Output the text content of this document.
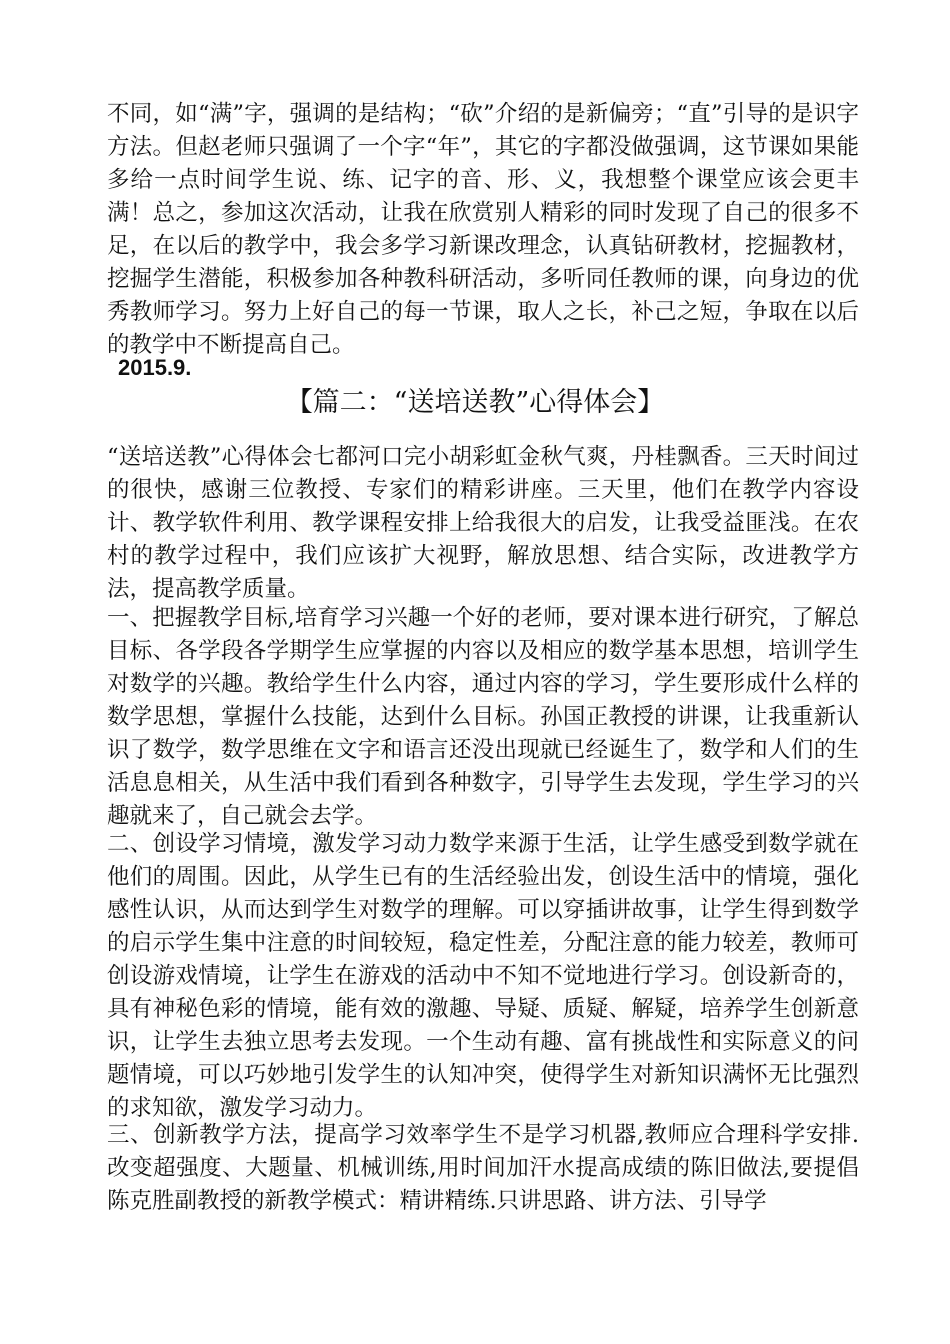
不同，如“满”字，强调的是结构；“砍”介绍的是新偏旁；“直”引导的是识字方法。但赵老师只强调了一个字“年”，其它的字都没做强调，这节课如果能多给一点时间学生说、练、记字的音、形、义，我想整个课堂应该会更丰满！总之，参加这次活动，让我在欣赏别人精彩的同时发现了自己的很多不足，在以后的教学中，我会多学习新课改理念，认真钻研教材，挖掘教材，挖掘学生潜能，积极参加各种教科研活动，多听同任教师的课，向身边的优秀教师学习。努力上好自己的每一节课，取人之长，补己之短，争取在以后的教学中不断提高自己。

2015.9.
【篇二：“送培送教”心得体会】

“送培送教”心得体会七都河口完小胡彩虹金秋气爽，丹桂飘香。三天时间过的很快，感谢三位教授、专家们的精彩讲座。三天里，他们在教学内容设计、教学软件利用、教学课程安排上给我很大的启发，让我受益匪浅。在农村的教学过程中，我们应该扩大视野，解放思想、结合实际，改进教学方法，提高教学质量。

一、把握教学目标,培育学习兴趣一个好的老师，要对课本进行研究，了解总目标、各学段各学期学生应掌握的内容以及相应的数学基本思想，培训学生对数学的兴趣。教给学生什么内容，通过内容的学习，学生要形成什么样的数学思想，掌握什么技能，达到什么目标。孙国正教授的讲课，让我重新认识了数学，数学思维在文字和语言还没出现就已经诞生了，数学和人们的生活息息相关，从生活中我们看到各种数字，引导学生去发现，学生学习的兴趣就来了，自己就会去学。

二、创设学习情境，激发学习动力数学来源于生活，让学生感受到数学就在他们的周围。因此，从学生已有的生活经验出发，创设生活中的情境，强化感性认识，从而达到学生对数学的理解。可以穿插讲故事，让学生得到数学的启示学生集中注意的时间较短，稳定性差，分配注意的能力较差，教师可创设游戏情境，让学生在游戏的活动中不知不觉地进行学习。创设新奇的，具有神秘色彩的情境，能有效的激趣、导疑、质疑、解疑，培养学生创新意识，让学生去独立思考去发现。一个生动有趣、富有挑战性和实际意义的问题情境，可以巧妙地引发学生的认知冲突，使得学生对新知识满怀无比强烈的求知欲，激发学习动力。

三、创新教学方法，提高学习效率学生不是学习机器,教师应合理科学安排.改变超强度、大题量、机械训练,用时间加汗水提高成绩的陈旧做法,要提倡陈克胜副教授的新教学模式：精讲精练.只讲思路、讲方法、引导学
